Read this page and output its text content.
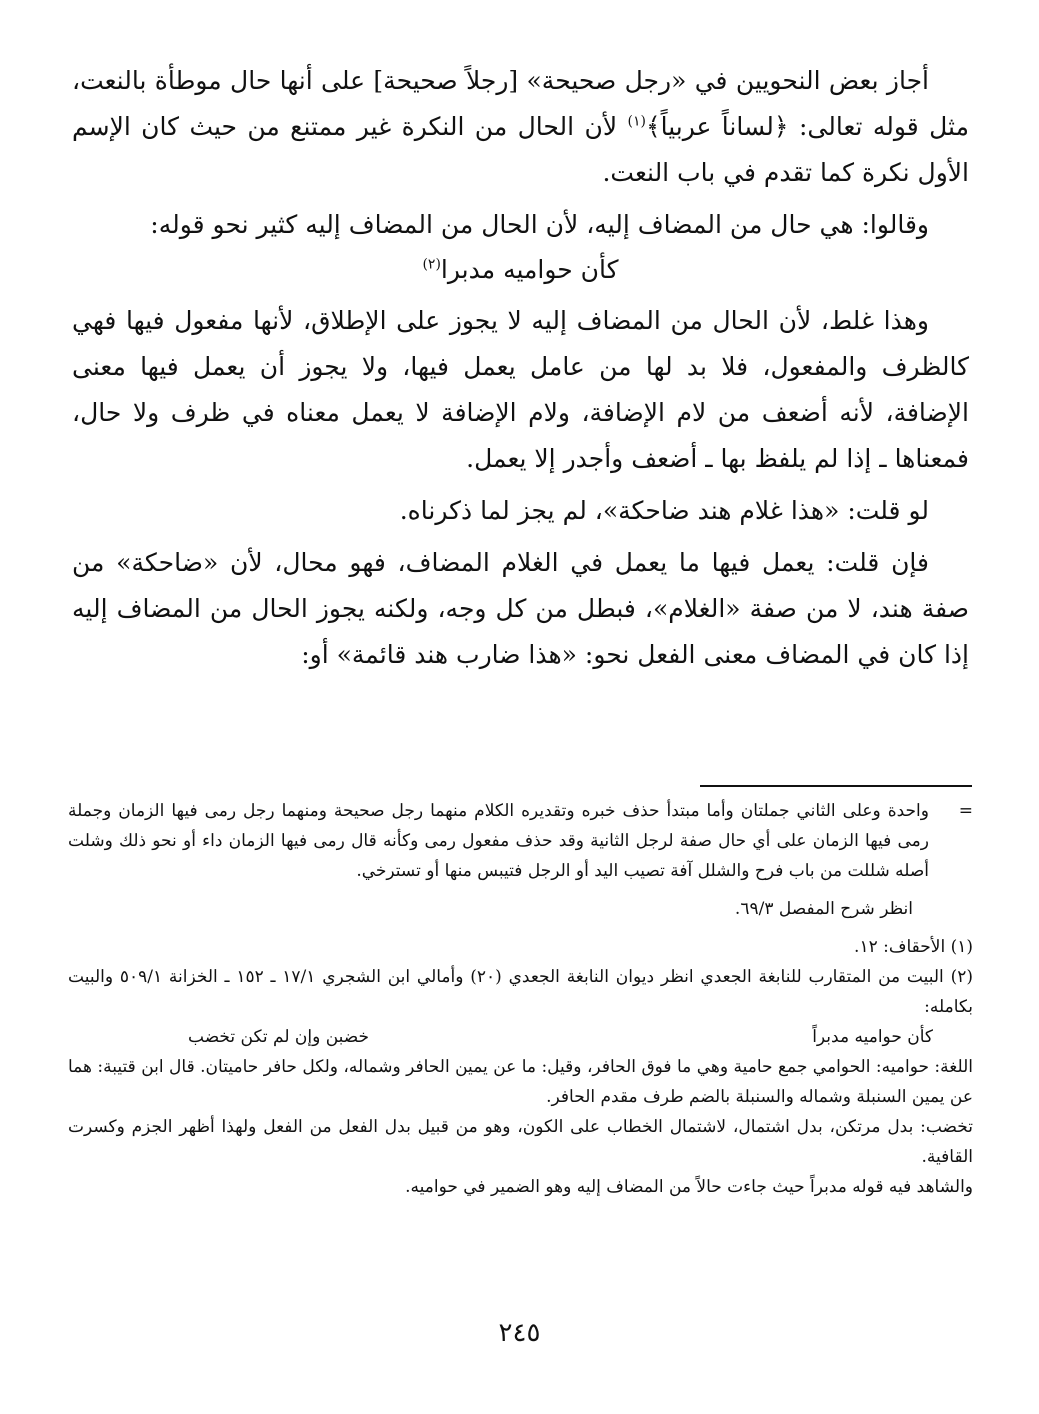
أجاز بعض النحويين في «رجل صحيحة» [رجلاً صحيحة] على أنها حال موطأة بالنعت، مثل قوله تعالى: ﴿لساناً عربياً﴾$^{(١)}$ لأن الحال من النكرة غير ممتنع من حيث كان الإسم الأول نكرة كما تقدم في باب النعت.

وقالوا: هي حال من المضاف إليه، لأن الحال من المضاف إليه كثير نحو قوله:

كأن حواميه مدبرا$^{(٢)}$

وهذا غلط، لأن الحال من المضاف إليه لا يجوز على الإطلاق، لأنها مفعول فيها فهي كالظرف والمفعول، فلا بد لها من عامل يعمل فيها، ولا يجوز أن يعمل فيها معنى الإضافة، لأنه أضعف من لام الإضافة، ولام الإضافة لا يعمل معناه في ظرف ولا حال، فمعناها ـ إذا لم يلفظ بها ـ أضعف وأجدر إلا يعمل.

لو قلت: «هذا غلام هند ضاحكة»، لم يجز لما ذكرناه.

فإن قلت: يعمل فيها ما يعمل في الغلام المضاف، فهو محال، لأن «ضاحكة» من صفة هند، لا من صفة «الغلام»، فبطل من كل وجه، ولكنه يجوز الحال من المضاف إليه إذا كان في المضاف معنى الفعل نحو: «هذا ضارب هند قائمة» أو:

=
واحدة وعلى الثاني جملتان وأما مبتدأ حذف خبره وتقديره الكلام منهما رجل صحيحة ومنهما رجل رمى فيها الزمان وجملة رمى فيها الزمان على أي حال صفة لرجل الثانية وقد حذف مفعول رمى وكأنه قال رمى فيها الزمان داء أو نحو ذلك وشلت أصله شللت من باب فرح والشلل آفة تصيب اليد أو الرجل فتيبس منها أو تسترخي.

انظر شرح المفصل ٦٩/٣.

(١) الأحقاف: ١٢.

(٢) البيت من المتقارب للنابغة الجعدي انظر ديوان النابغة الجعدي (٢٠) وأمالي ابن الشجري ١٧/١ ـ ١٥٢ ـ الخزانة ٥٠٩/١ والبيت بكامله:

كأن حواميه مدبراً
خضبن وإن لم تكن تخضب

اللغة: حواميه: الحوامي جمع حامية وهي ما فوق الحافر، وقيل: ما عن يمين الحافر وشماله، ولكل حافر حاميتان. قال ابن قتيبة: هما عن يمين السنبلة وشماله والسنبلة بالضم طرف مقدم الحافر.

تخضب: بدل مرتكن، بدل اشتمال، لاشتمال الخطاب على الكون، وهو من قبيل بدل الفعل من الفعل ولهذا أظهر الجزم وكسرت القافية.

والشاهد فيه قوله مدبراً حيث جاءت حالاً من المضاف إليه وهو الضمير في حواميه.

٢٤٥
